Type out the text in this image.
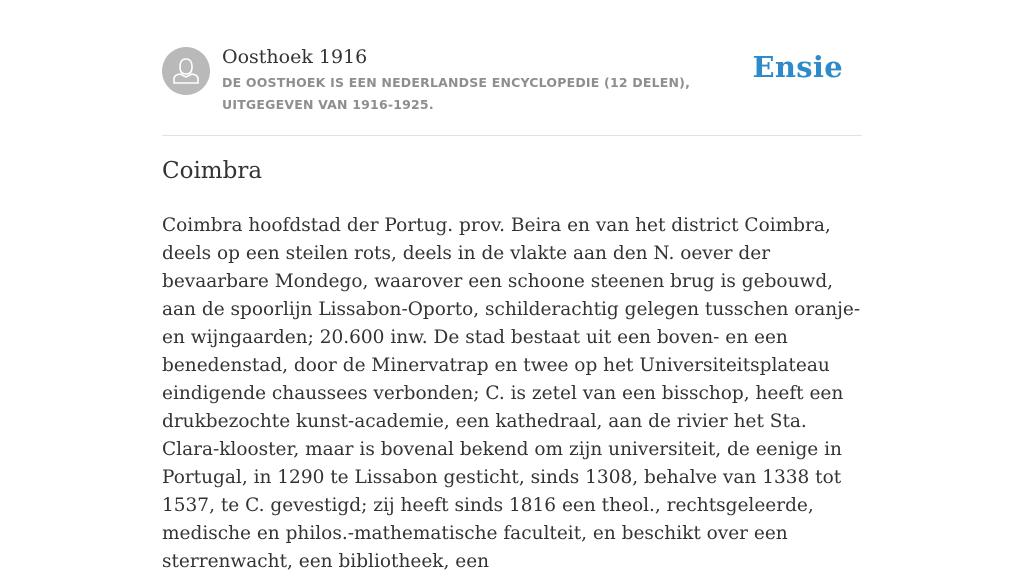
Oosthoek 1916
DE OOSTHOEK IS EEN NEDERLANDSE ENCYCLOPEDIE (12 DELEN), UITGEGEVEN VAN 1916-1925.
Ensie
Coimbra

Coimbra hoofdstad der Portug. prov. Beira en van het district Coimbra, deels op een steilen rots, deels in de vlakte aan den N. oever der bevaarbare Mondego, waarover een schoone steenen brug is gebouwd, aan de spoorlijn Lissabon-Oporto, schilderachtig gelegen tusschen oranje- en wijngaarden; 20.600 inw. De stad bestaat uit een boven- en een benedenstad, door de Minervatrap en twee op het Universiteitsplateau eindigende chaussees verbonden; C. is zetel van een bisschop, heeft een drukbezochte kunst-academie, een kathedraal, aan de rivier het Sta. Clara-klooster, maar is bovenal bekend om zijn universiteit, de eenige in Portugal, in 1290 te Lissabon gesticht, sinds 1308, behalve van 1338 tot 1537, te C. gevestigd; zij heeft sinds 1816 een theol., rechtsgeleerde, medische en philos.-mathematische faculteit, en beschikt over een sterrenwacht, een bibliotheek, een
